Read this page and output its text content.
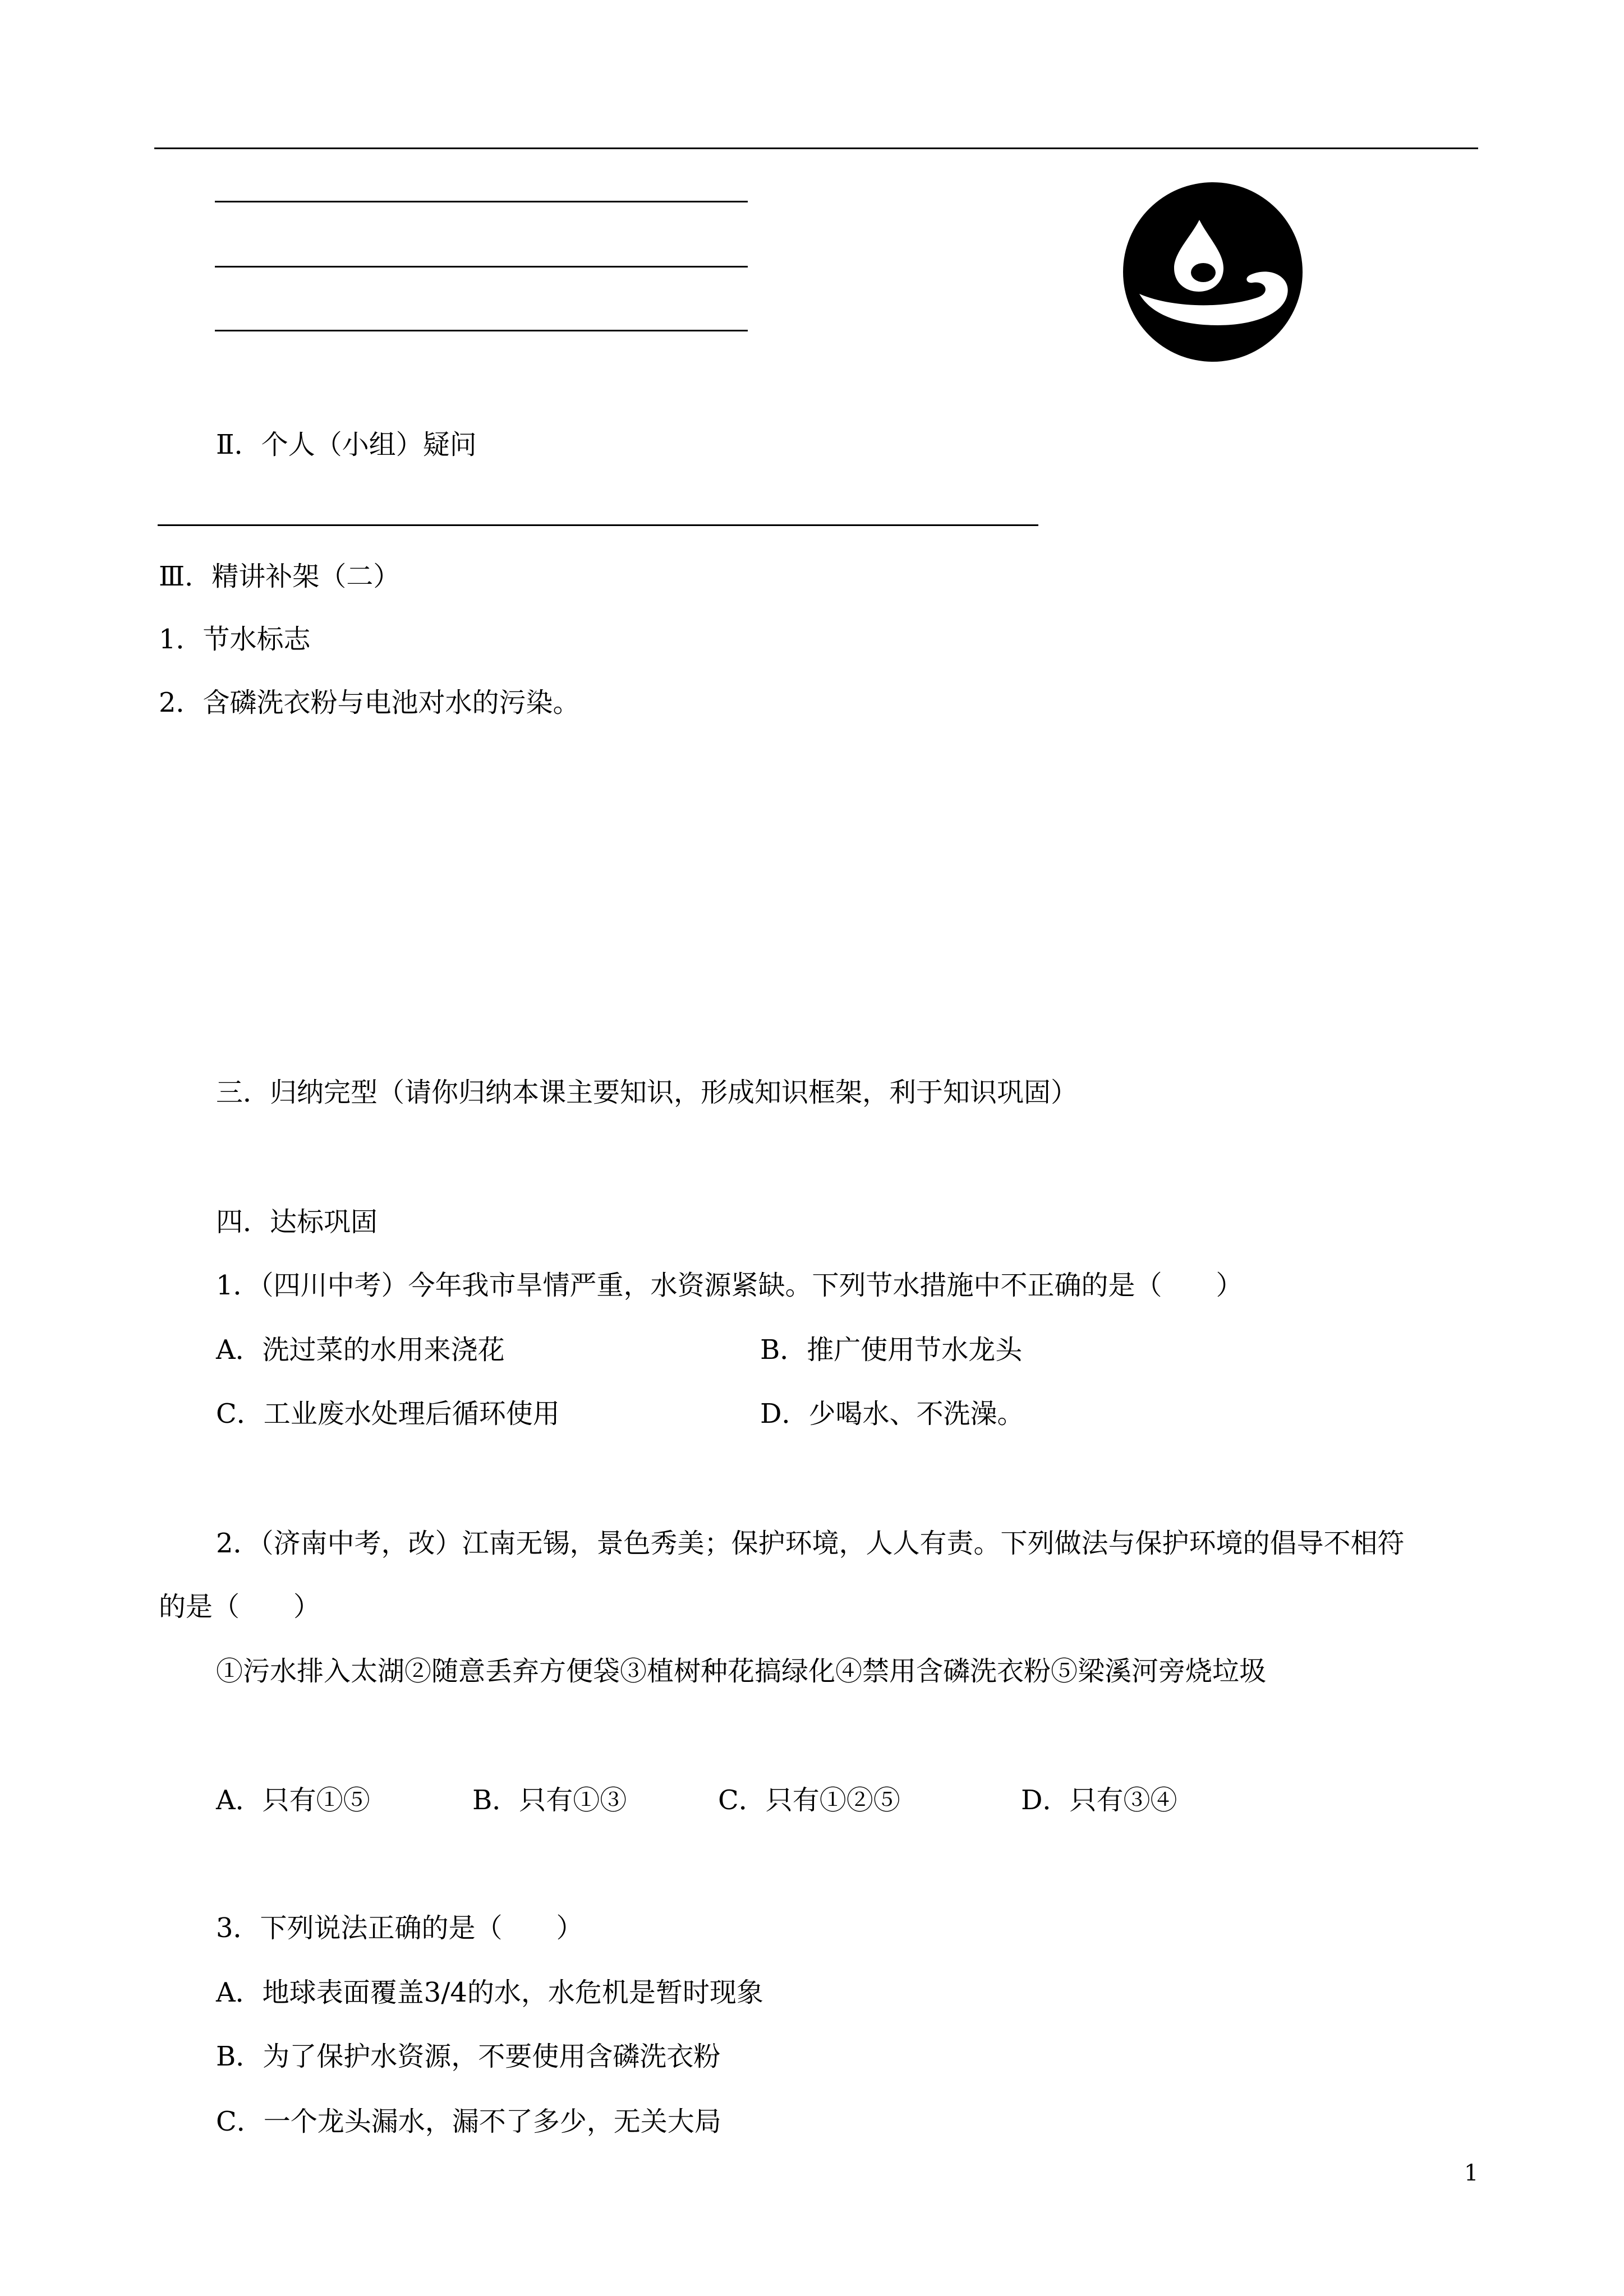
Ⅱ．个人（小组）疑问
Ⅲ．精讲补架（二）
1．节水标志
2．含磷洗衣粉与电池对水的污染。
三．归纳完型（请你归纳本课主要知识，形成知识框架，利于知识巩固）
四．达标巩固
1．（四川中考）今年我市旱情严重，水资源紧缺。下列节水措施中不正确的是（　　）
A．洗过菜的水用来浇花	B．推广使用节水龙头
C．工业废水处理后循环使用	D．少喝水、不洗澡。
2．（济南中考，改）江南无锡，景色秀美；保护环境，人人有责。下列做法与保护环境的倡导不相符
的是（　　）
①污水排入太湖②随意丢弃方便袋③植树种花搞绿化④禁用含磷洗衣粉⑤梁溪河旁烧垃圾
A．只有①⑤	B．只有①③	C．只有①②⑤	D．只有③④
3．下列说法正确的是（　　）
A．地球表面覆盖3/4的水，水危机是暂时现象
B．为了保护水资源，不要使用含磷洗衣粉
C．一个龙头漏水，漏不了多少，无关大局
1
